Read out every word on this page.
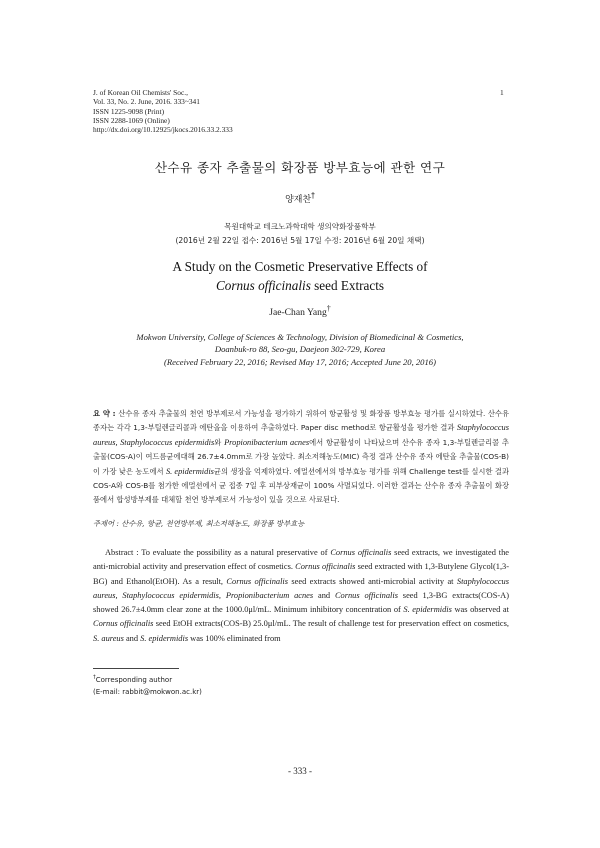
J. of Korean Oil Chemists' Soc.,
Vol. 33, No. 2. June, 2016. 333~341
ISSN 1225-9098 (Print)
ISSN 2288-1069 (Online)
http://dx.doi.org/10.12925/jkocs.2016.33.2.333
1
산수유 종자 추출물의 화장품 방부효능에 관한 연구
양재찬†
목원대학교 테크노과학대학 생의약화장품학부
(2016년 2월 22일 접수: 2016년 5월 17일 수정: 2016년 6월 20일 채택)
A Study on the Cosmetic Preservative Effects of
Cornus officinalis seed Extracts
Jae-Chan Yang†
Mokwon University, College of Sciences & Technology, Division of Biomedicinal & Cosmetics,
Doanbuk-ro 88, Seo-gu, Daejeon 302-729, Korea
(Received February 22, 2016; Revised May 17, 2016; Accepted June 20, 2016)
요 약 : 산수유 종자 추출물의 천연 방부제로서 가능성을 평가하기 위하여 항균활성 및 화장품 방부효능 평가를 실시하였다. 산수유 종자는 각각 1,3-부틸렌글리콜과 에탄올을 이용하여 추출하였다. Paper disc method로 항균활성을 평가한 결과 Staphylococcus aureus, Staphylococcus epidermidis와 Propionibacterium acnes에서 항균활성이 나타났으며 산수유 종자 1,3-부틸렌글리콜 추출물(COS-A)이 여드름균에대해 26.7±4.0mm로 가장 높았다. 최소저해농도(MIC) 측정 결과 산수유 종자 에탄올 추출물(COS-B)이 가장 낮은 농도에서 S. epidermidis균의 생장을 억제하였다. 에멀션에서의 방부효능 평가를 위해 Challenge test를 실시한 결과 COS-A와 COS-B를 첨가한 에멀션에서 균 접종 7일 후 피부상재균이 100% 사멸되었다. 이러한 결과는 산수유 종자 추출물이 화장품에서 합성방부제를 대체할 천연 방부제로서 가능성이 있을 것으로 사료된다.
주제어 : 산수유, 항균, 천연방부제, 최소저해농도, 화장품 방부효능
Abstract : To evaluate the possibility as a natural preservative of Cornus officinalis seed extracts, we investigated the anti-microbial activity and preservation effect of cosmetics. Cornus officinalis seed extracted with 1,3-Butylene Glycol(1,3-BG) and Ethanol(EtOH). As a result, Cornus officinalis seed extracts showed anti-microbial activity at Staphylococcus aureus, Staphylococcus epidermidis, Propionibacterium acnes and Cornus officinalis seed 1,3-BG extracts(COS-A) showed 26.7±4.0mm clear zone at the 1000.0μl/mL. Minimum inhibitory concentration of S. epidermidis was observed at Cornus officinalis seed EtOH extracts(COS-B) 25.0μl/mL. The result of challenge test for preservation effect on cosmetics, S. aureus and S. epidermidis was 100% eliminated from
†Corresponding author
(E-mail: rabbit@mokwon.ac.kr)
- 333 -
